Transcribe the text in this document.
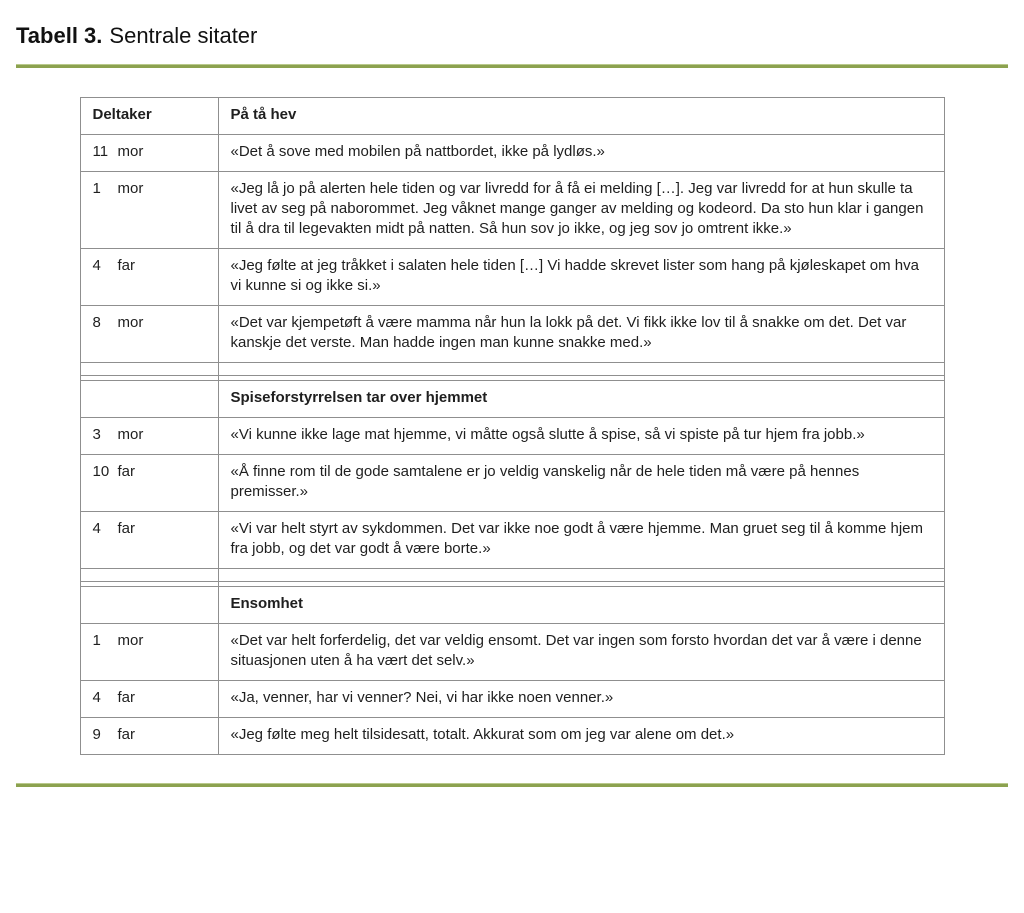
Tabell 3. Sentrale sitater
Deltaker	På tå hev
11 mor	«Det å sove med mobilen på nattbordet, ikke på lydløs.»
1 mor	«Jeg lå jo på alerten hele tiden og var livredd for å få ei melding […]. Jeg var livredd for at hun skulle ta livet av seg på naborommet. Jeg våknet mange ganger av melding og kodeord. Da sto hun klar i gangen til å dra til legevakten midt på natten. Så hun sov jo ikke, og jeg sov jo omtrent ikke.»
4 far	«Jeg følte at jeg tråkket i salaten hele tiden […] Vi hadde skrevet lister som hang på kjøleskapet om hva vi kunne si og ikke si.»
8 mor	«Det var kjempetøft å være mamma når hun la lokk på det. Vi fikk ikke lov til å snakke om det. Det var kanskje det verste. Man hadde ingen man kunne snakke med.»

	Spiseforstyrrelsen tar over hjemmet
3 mor	«Vi kunne ikke lage mat hjemme, vi måtte også slutte å spise, så vi spiste på tur hjem fra jobb.»
10 far	«Å finne rom til de gode samtalene er jo veldig vanskelig når de hele tiden må være på hennes premisser.»
4 far	«Vi var helt styrt av sykdommen. Det var ikke noe godt å være hjemme. Man gruet seg til å komme hjem fra jobb, og det var godt å være borte.»

	Ensomhet
1 mor	«Det var helt forferdelig, det var veldig ensomt. Det var ingen som forsto hvordan det var å være i denne situasjonen uten å ha vært det selv.»
4 far	«Ja, venner, har vi venner? Nei, vi har ikke noen venner.»
9 far	«Jeg følte meg helt tilsidesatt, totalt. Akkurat som om jeg var alene om det.»
